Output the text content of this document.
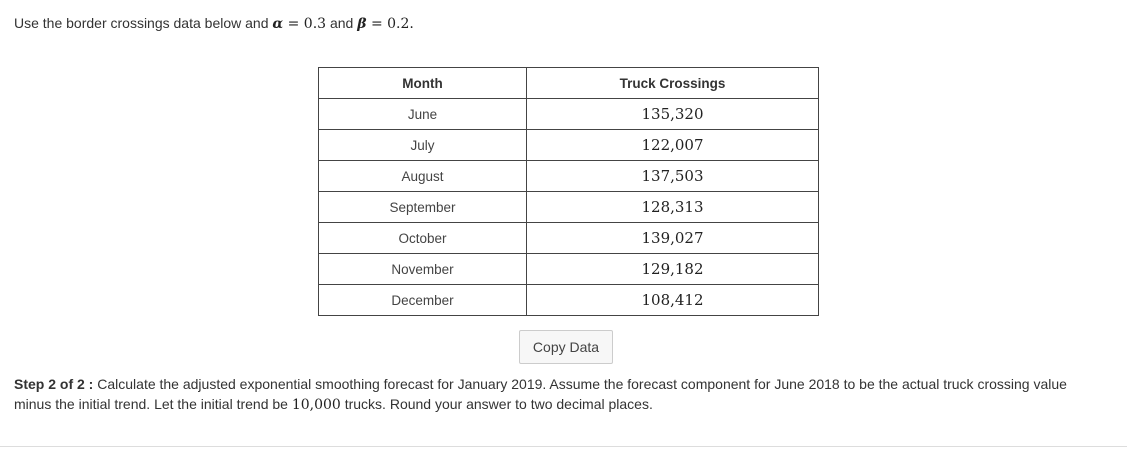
Use the border crossings data below and α = 0.3 and β = 0.2.
Month	Truck Crossings
June	135,320
July	122,007
August	137,503
September	128,313
October	139,027
November	129,182
December	108,412
Copy Data
Step 2 of 2 : Calculate the adjusted exponential smoothing forecast for January 2019. Assume the forecast component for June 2018 to be the actual truck crossing value minus the initial trend. Let the initial trend be 10,000 trucks. Round your answer to two decimal places.
